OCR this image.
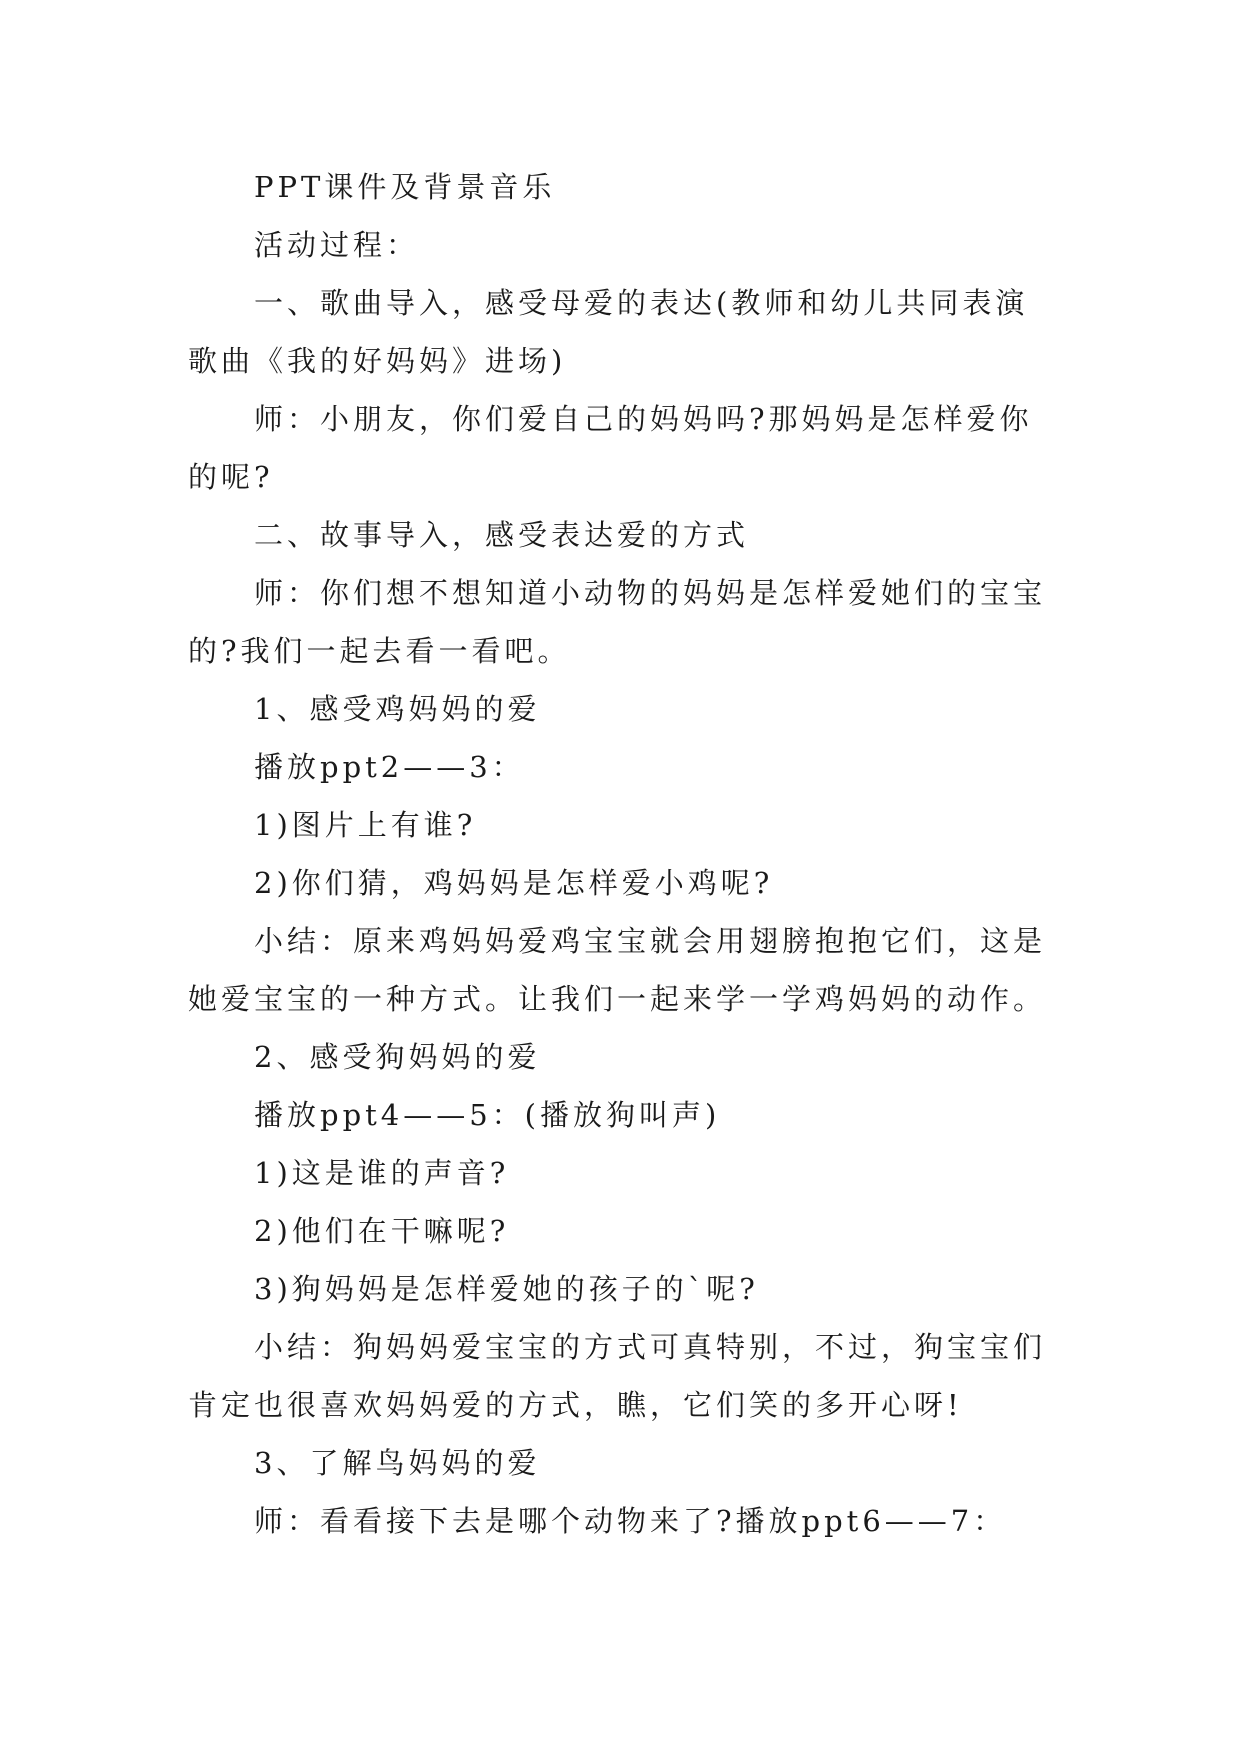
PPT课件及背景音乐

活动过程：

一、歌曲导入，感受母爱的表达(教师和幼儿共同表演歌曲《我的好妈妈》进场)

师：小朋友，你们爱自己的妈妈吗?那妈妈是怎样爱你的呢?

二、故事导入，感受表达爱的方式

师：你们想不想知道小动物的妈妈是怎样爱她们的宝宝的?我们一起去看一看吧。

1、感受鸡妈妈的爱

播放ppt2——3：

1)图片上有谁?

2)你们猜，鸡妈妈是怎样爱小鸡呢?

小结：原来鸡妈妈爱鸡宝宝就会用翅膀抱抱它们，这是她爱宝宝的一种方式。让我们一起来学一学鸡妈妈的动作。

2、感受狗妈妈的爱

播放ppt4——5：(播放狗叫声)

1)这是谁的声音?

2)他们在干嘛呢?

3)狗妈妈是怎样爱她的孩子的`呢?

小结：狗妈妈爱宝宝的方式可真特别，不过，狗宝宝们肯定也很喜欢妈妈爱的方式，瞧，它们笑的多开心呀!

3、了解鸟妈妈的爱

师：看看接下去是哪个动物来了?播放ppt6——7：
